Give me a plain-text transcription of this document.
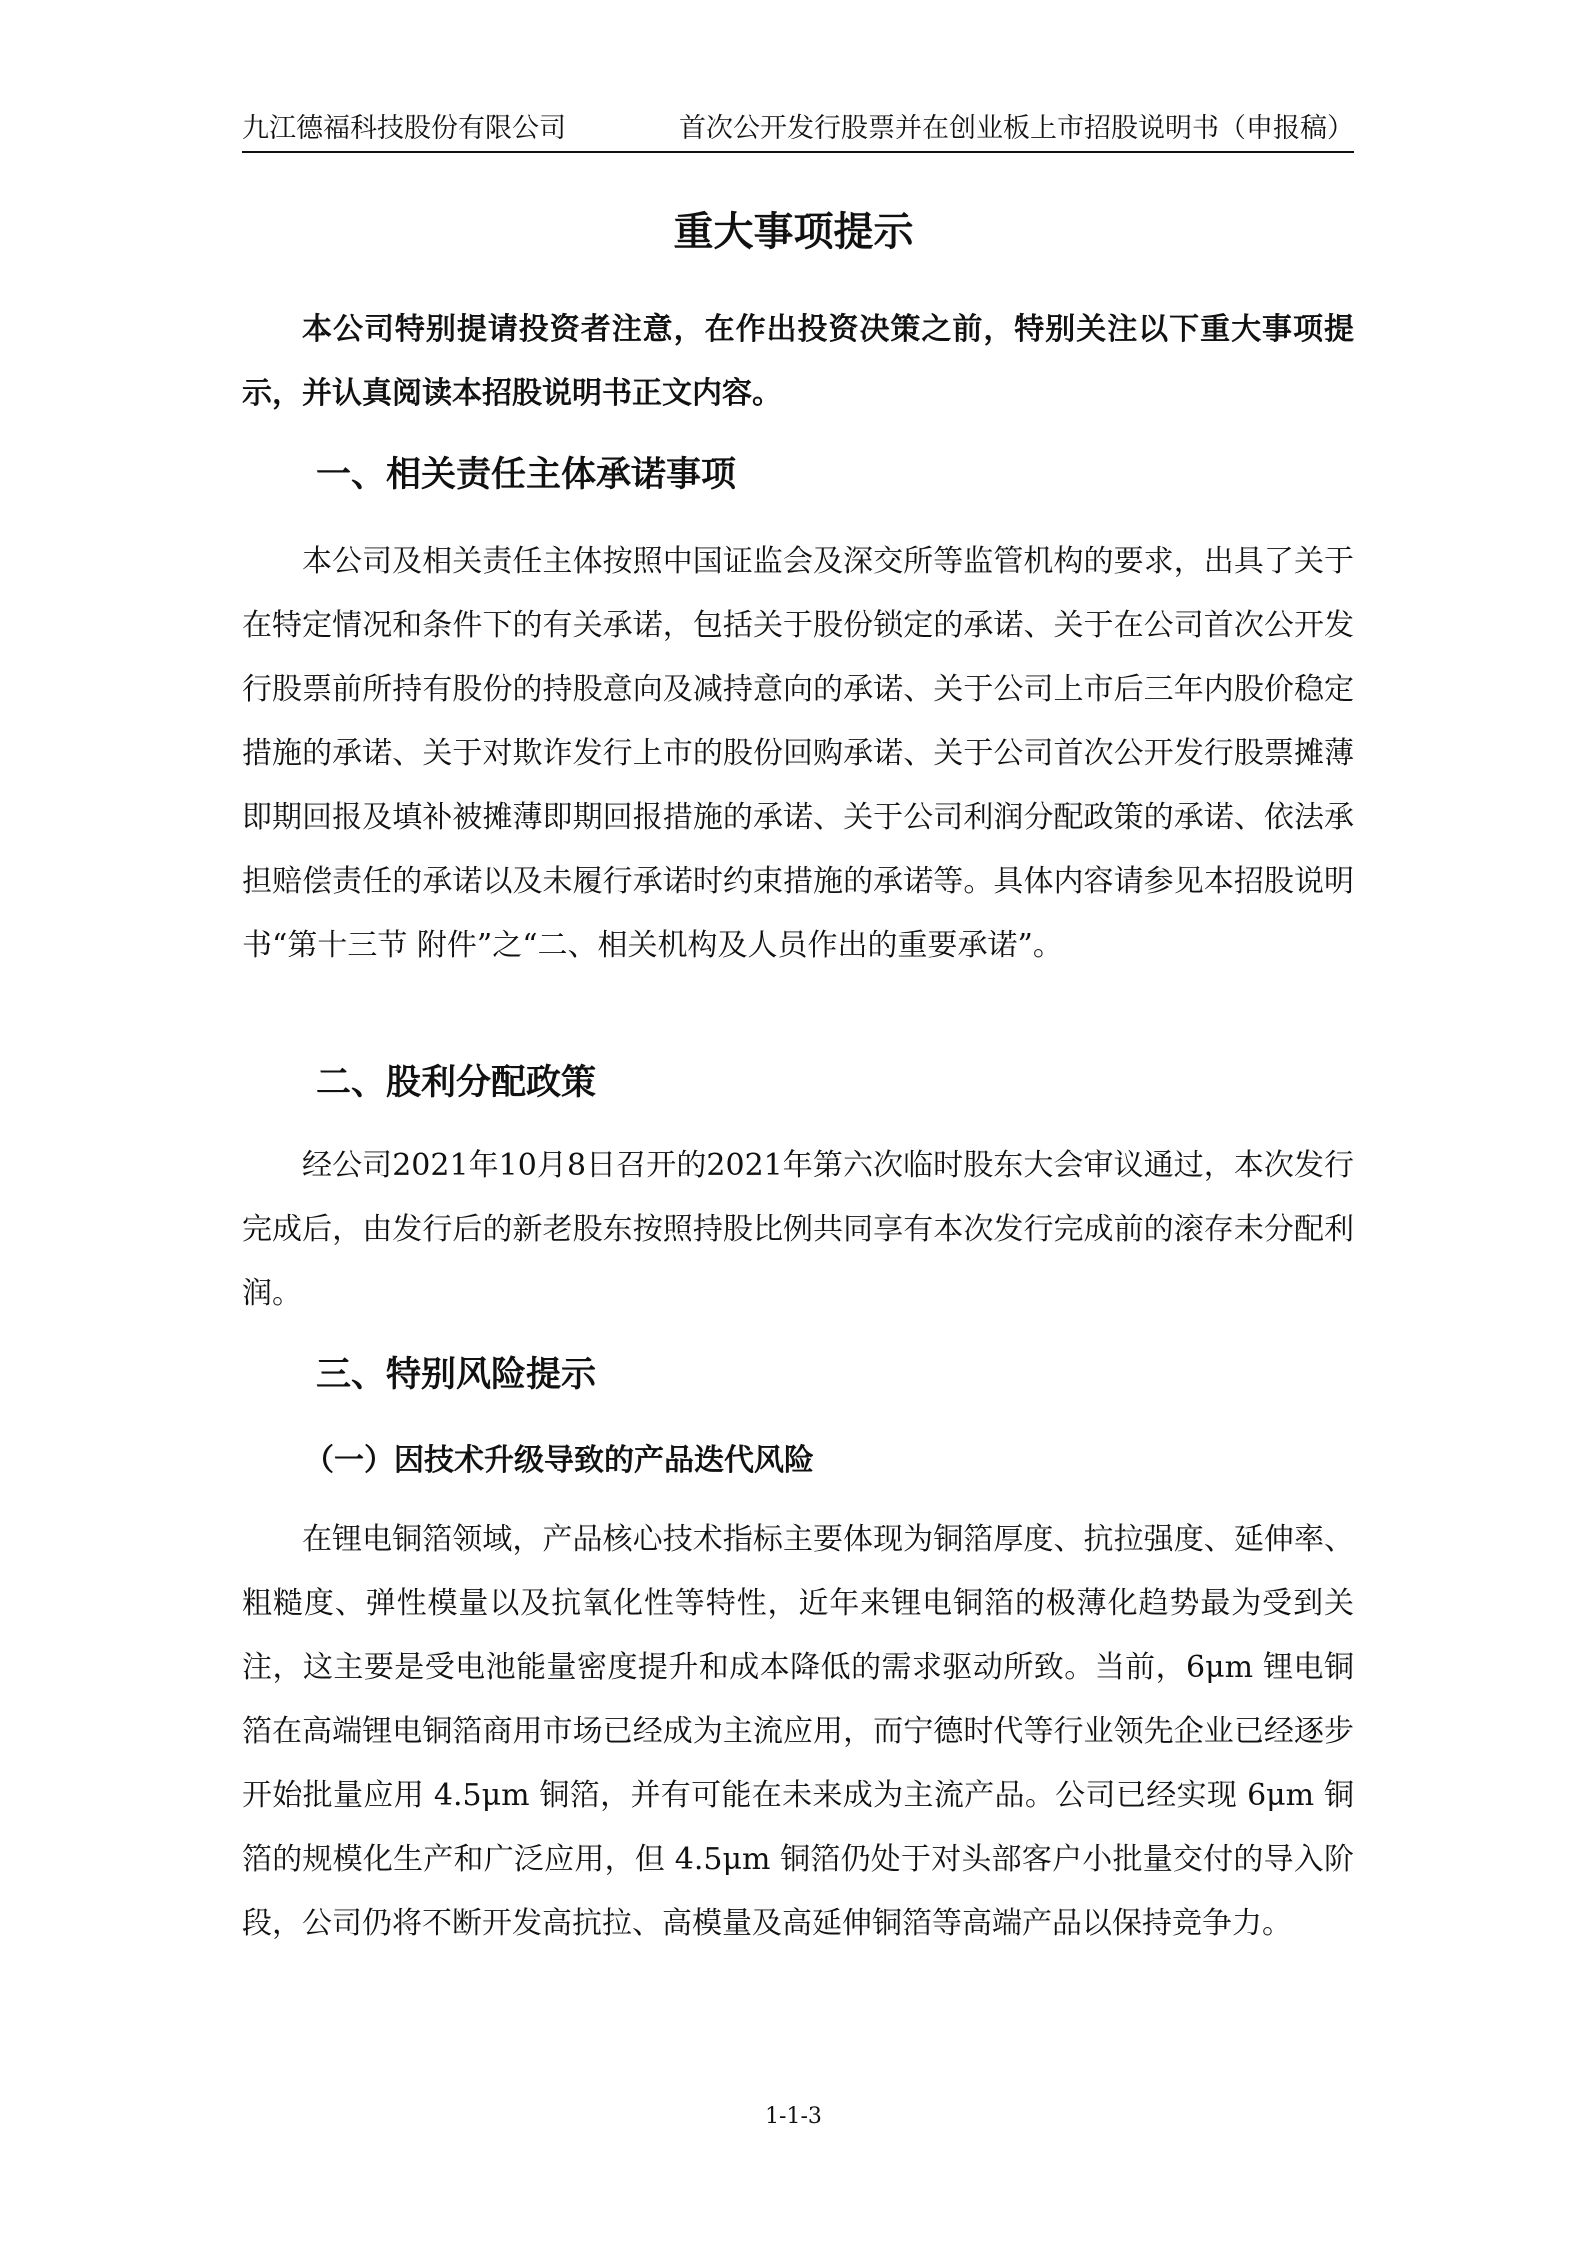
九江德福科技股份有限公司	首次公开发行股票并在创业板上市招股说明书（申报稿）
重大事项提示

本公司特别提请投资者注意，在作出投资决策之前，特别关注以下重大事项提示，并认真阅读本招股说明书正文内容。

一、相关责任主体承诺事项

本公司及相关责任主体按照中国证监会及深交所等监管机构的要求，出具了关于在特定情况和条件下的有关承诺，包括关于股份锁定的承诺、关于在公司首次公开发行股票前所持有股份的持股意向及减持意向的承诺、关于公司上市后三年内股价稳定措施的承诺、关于对欺诈发行上市的股份回购承诺、关于公司首次公开发行股票摊薄即期回报及填补被摊薄即期回报措施的承诺、关于公司利润分配政策的承诺、依法承担赔偿责任的承诺以及未履行承诺时约束措施的承诺等。具体内容请参见本招股说明书“第十三节 附件”之“二、相关机构及人员作出的重要承诺”。

二、股利分配政策

经公司2021年10月8日召开的2021年第六次临时股东大会审议通过，本次发行完成后，由发行后的新老股东按照持股比例共同享有本次发行完成前的滚存未分配利润。

三、特别风险提示
（一）因技术升级导致的产品迭代风险

在锂电铜箔领域，产品核心技术指标主要体现为铜箔厚度、抗拉强度、延伸率、粗糙度、弹性模量以及抗氧化性等特性，近年来锂电铜箔的极薄化趋势最为受到关注，这主要是受电池能量密度提升和成本降低的需求驱动所致。当前，6μm 锂电铜箔在高端锂电铜箔商用市场已经成为主流应用，而宁德时代等行业领先企业已经逐步开始批量应用 4.5μm 铜箔，并有可能在未来成为主流产品。公司已经实现 6μm 铜箔的规模化生产和广泛应用，但 4.5μm 铜箔仍处于对头部客户小批量交付的导入阶段，公司仍将不断开发高抗拉、高模量及高延伸铜箔等高端产品以保持竞争力。

1-1-3
